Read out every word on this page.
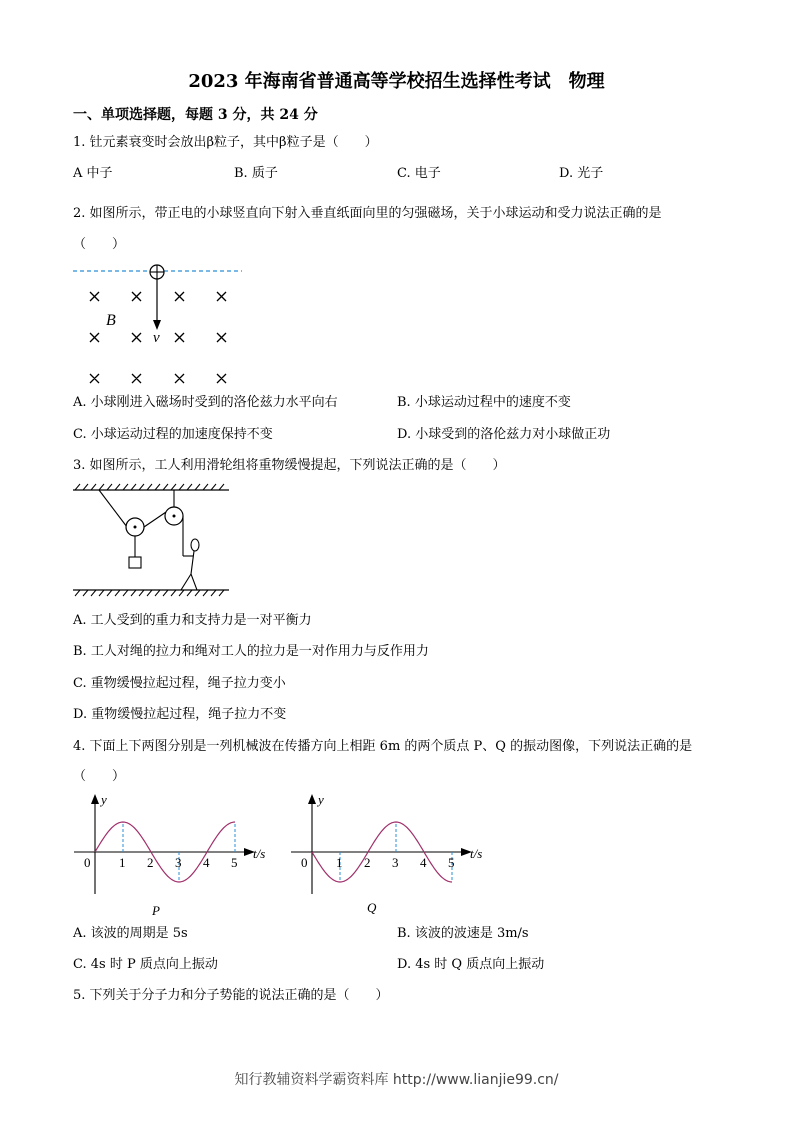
2023 年海南省普通高等学校招生选择性考试　物理
一、单项选择题，每题 3 分，共 24 分
1. 钍元素衰变时会放出β粒子，其中β粒子是（　　）
A 中子	B. 质子	C. 电子	D. 光子
2. 如图所示，带正电的小球竖直向下射入垂直纸面向里的匀强磁场，关于小球运动和受力说法正确的是
（　　）
B
v
A. 小球刚进入磁场时受到的洛伦兹力水平向右	B. 小球运动过程中的速度不变
C. 小球运动过程的加速度保持不变	D. 小球受到的洛伦兹力对小球做正功
3. 如图所示，工人利用滑轮组将重物缓慢提起，下列说法正确的是（　　）
A. 工人受到的重力和支持力是一对平衡力
B. 工人对绳的拉力和绳对工人的拉力是一对作用力与反作用力
C. 重物缓慢拉起过程，绳子拉力变小
D. 重物缓慢拉起过程，绳子拉力不变
4. 下面上下两图分别是一列机械波在传播方向上相距 6m 的两个质点 P、Q 的振动图像，下列说法正确的是
（　　）
y
t/s
0 1 2 3 4 5
P
y
t/s
0 1 2 3 4 5
Q
A. 该波的周期是 5s	B. 该波的波速是 3m/s
C. 4s 时 P 质点向上振动	D. 4s 时 Q 质点向上振动
5. 下列关于分子力和分子势能的说法正确的是（　　）
知行教辅资料学霸资料库 http://www.lianjie99.cn/
